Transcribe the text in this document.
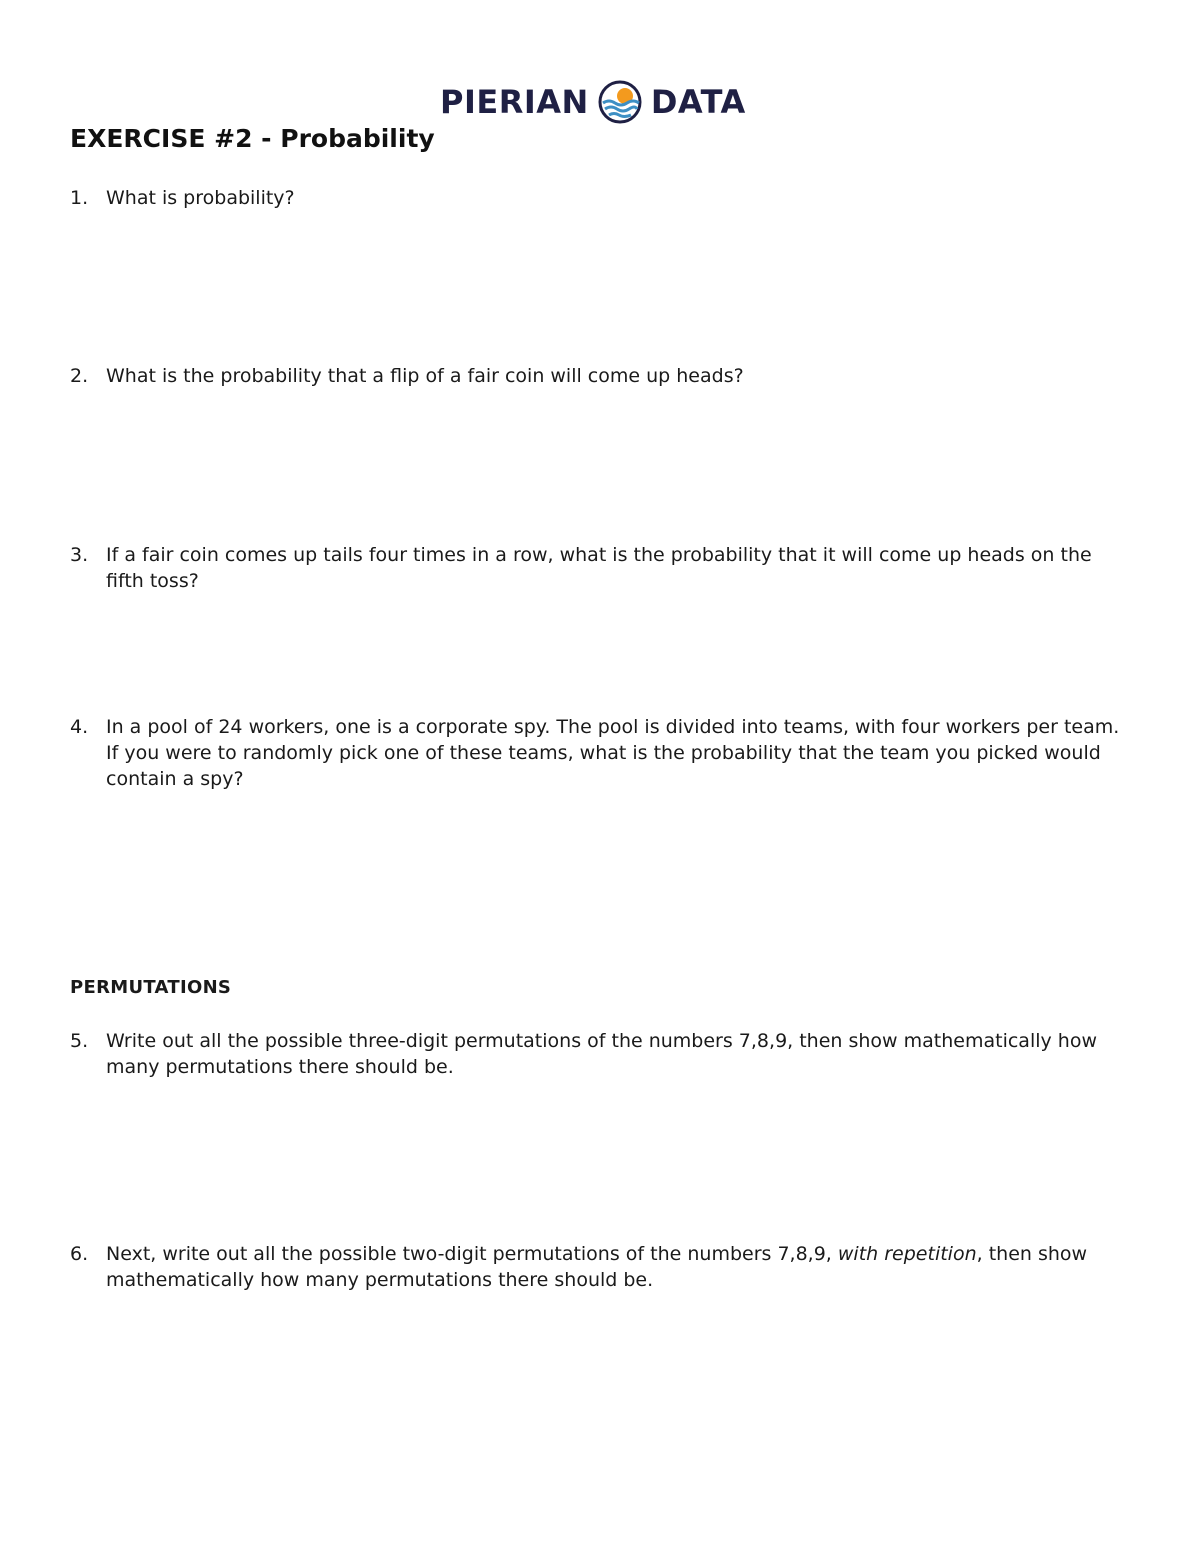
PIERIAN DATA
EXERCISE #2 - Probability
1. What is probability?
2. What is the probability that a flip of a fair coin will come up heads?
3. If a fair coin comes up tails four times in a row, what is the probability that it will come up heads on the fifth toss?
4. In a pool of 24 workers, one is a corporate spy. The pool is divided into teams, with four workers per team. If you were to randomly pick one of these teams, what is the probability that the team you picked would contain a spy?
PERMUTATIONS
5. Write out all the possible three-digit permutations of the numbers 7,8,9, then show mathematically how many permutations there should be.
6. Next, write out all the possible two-digit permutations of the numbers 7,8,9, with repetition, then show mathematically how many permutations there should be.
